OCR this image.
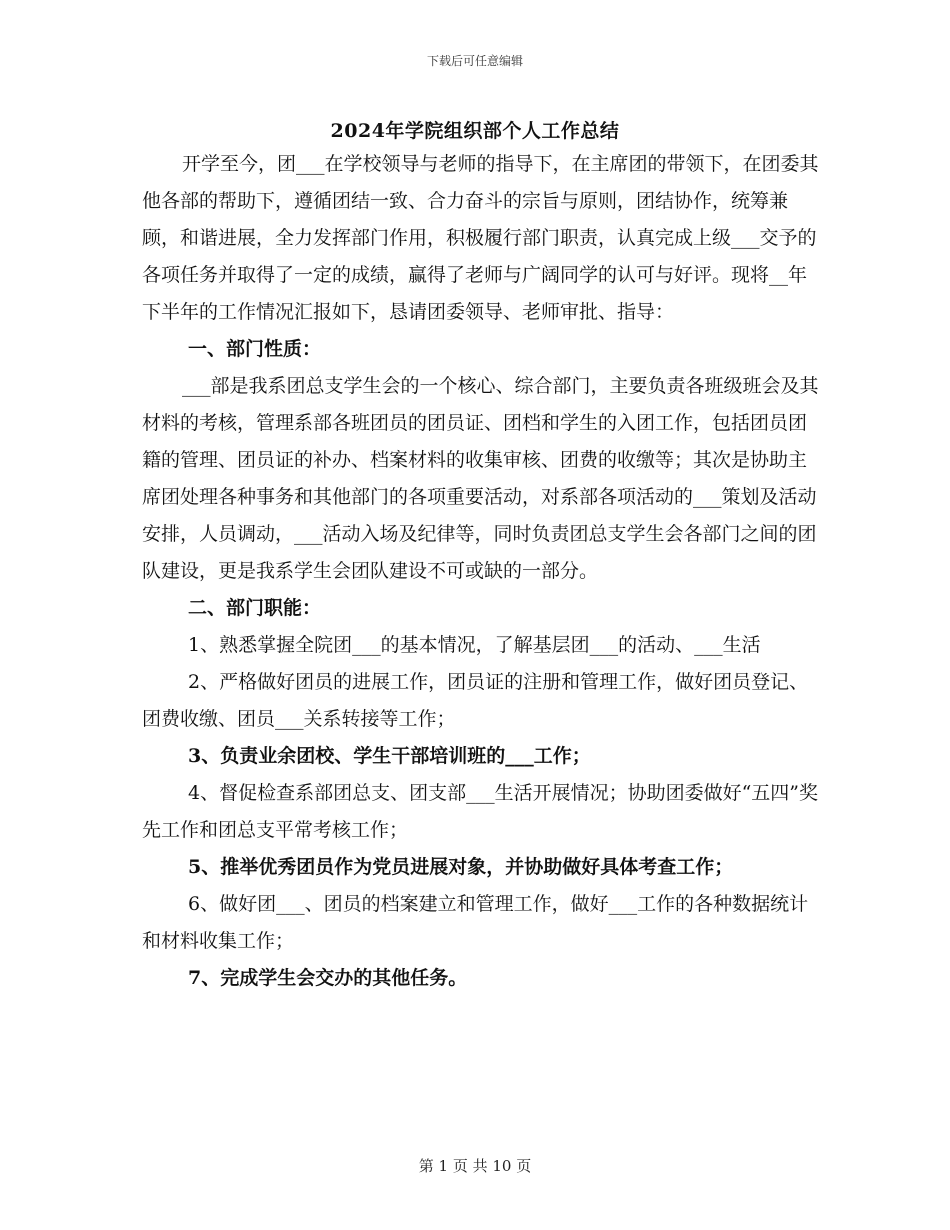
下载后可任意编辑
2024年学院组织部个人工作总结

开学至今，团___在学校领导与老师的指导下，在主席团的带领下，在团委其他各部的帮助下，遵循团结一致、合力奋斗的宗旨与原则，团结协作，统筹兼顾，和谐进展，全力发挥部门作用，积极履行部门职责，认真完成上级___交予的各项任务并取得了一定的成绩，赢得了老师与广阔同学的认可与好评。现将__年下半年的工作情况汇报如下，恳请团委领导、老师审批、指导：

一、部门性质：

___部是我系团总支学生会的一个核心、综合部门，主要负责各班级班会及其材料的考核，管理系部各班团员的团员证、团档和学生的入团工作，包括团员团籍的管理、团员证的补办、档案材料的收集审核、团费的收缴等；其次是协助主席团处理各种事务和其他部门的各项重要活动，对系部各项活动的___策划及活动安排，人员调动，___活动入场及纪律等，同时负责团总支学生会各部门之间的团队建设，更是我系学生会团队建设不可或缺的一部分。

二、部门职能：

1、熟悉掌握全院团___的基本情况，了解基层团___的活动、___生活

2、严格做好团员的进展工作，团员证的注册和管理工作，做好团员登记、团费收缴、团员___关系转接等工作；

3、负责业余团校、学生干部培训班的___工作；

4、督促检查系部团总支、团支部___生活开展情况；协助团委做好“五四”奖先工作和团总支平常考核工作；

5、推举优秀团员作为党员进展对象，并协助做好具体考查工作；

6、做好团___、团员的档案建立和管理工作，做好___工作的各种数据统计和材料收集工作；

7、完成学生会交办的其他任务。

第 1 页 共 10 页
